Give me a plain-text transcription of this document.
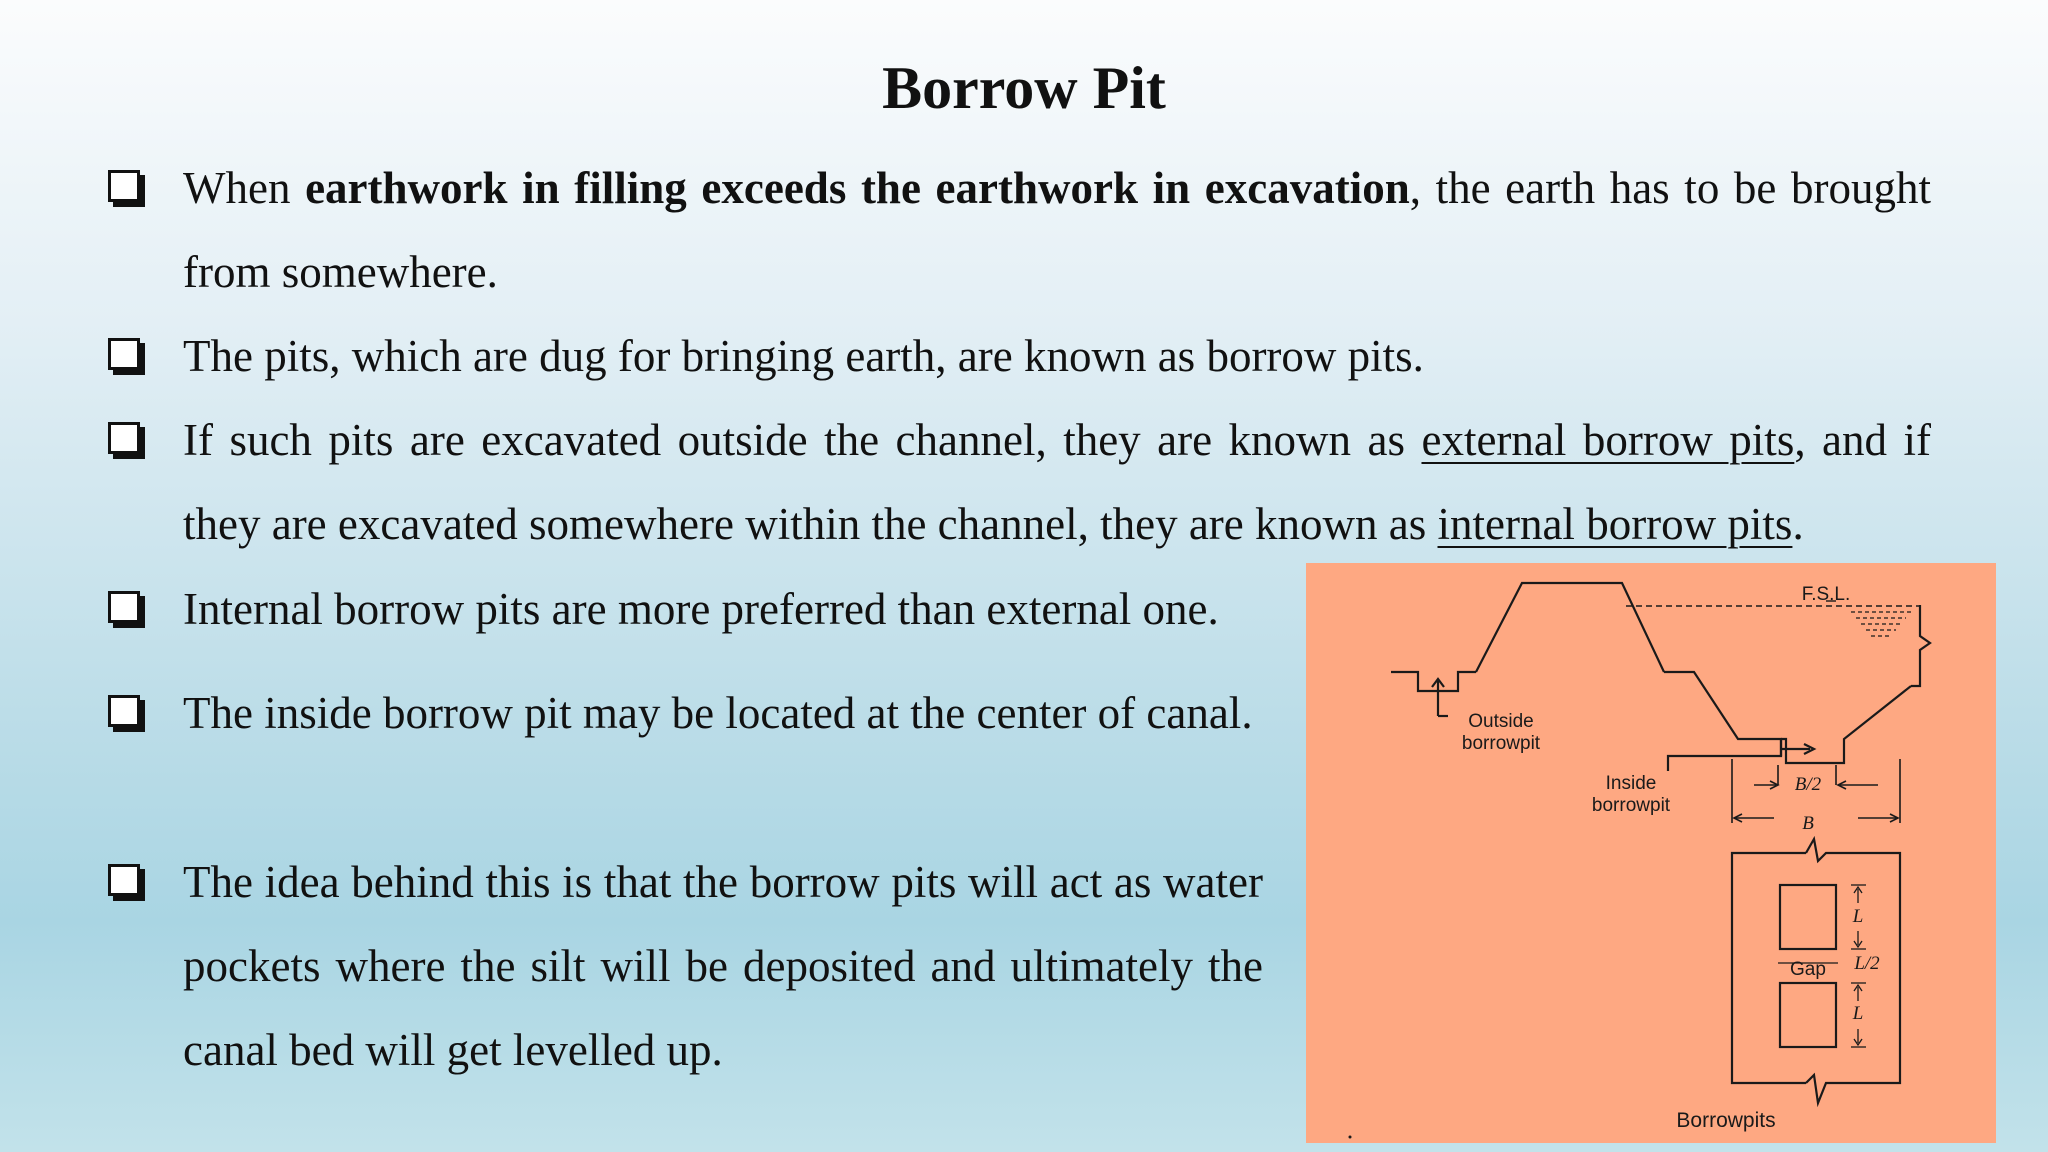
Borrow Pit
When earthwork in filling exceeds the earthwork in excavation, the earth has to be brought from somewhere.
The pits, which are dug for bringing earth, are known as borrow pits.
If such pits are excavated outside the channel, they are known as external borrow pits, and if they are excavated somewhere within the channel, they are known as internal borrow pits.
Internal borrow pits are more preferred than external one.
The inside borrow pit may be located at the center of canal.
The idea behind this is that the borrow pits will act as water pockets where the silt will be deposited and ultimately the canal bed will get levelled up.
F.S.L.
Outside
borrowpit
Inside
borrowpit
B/2
B
L
L/2
L
Gap
Borrowpits
